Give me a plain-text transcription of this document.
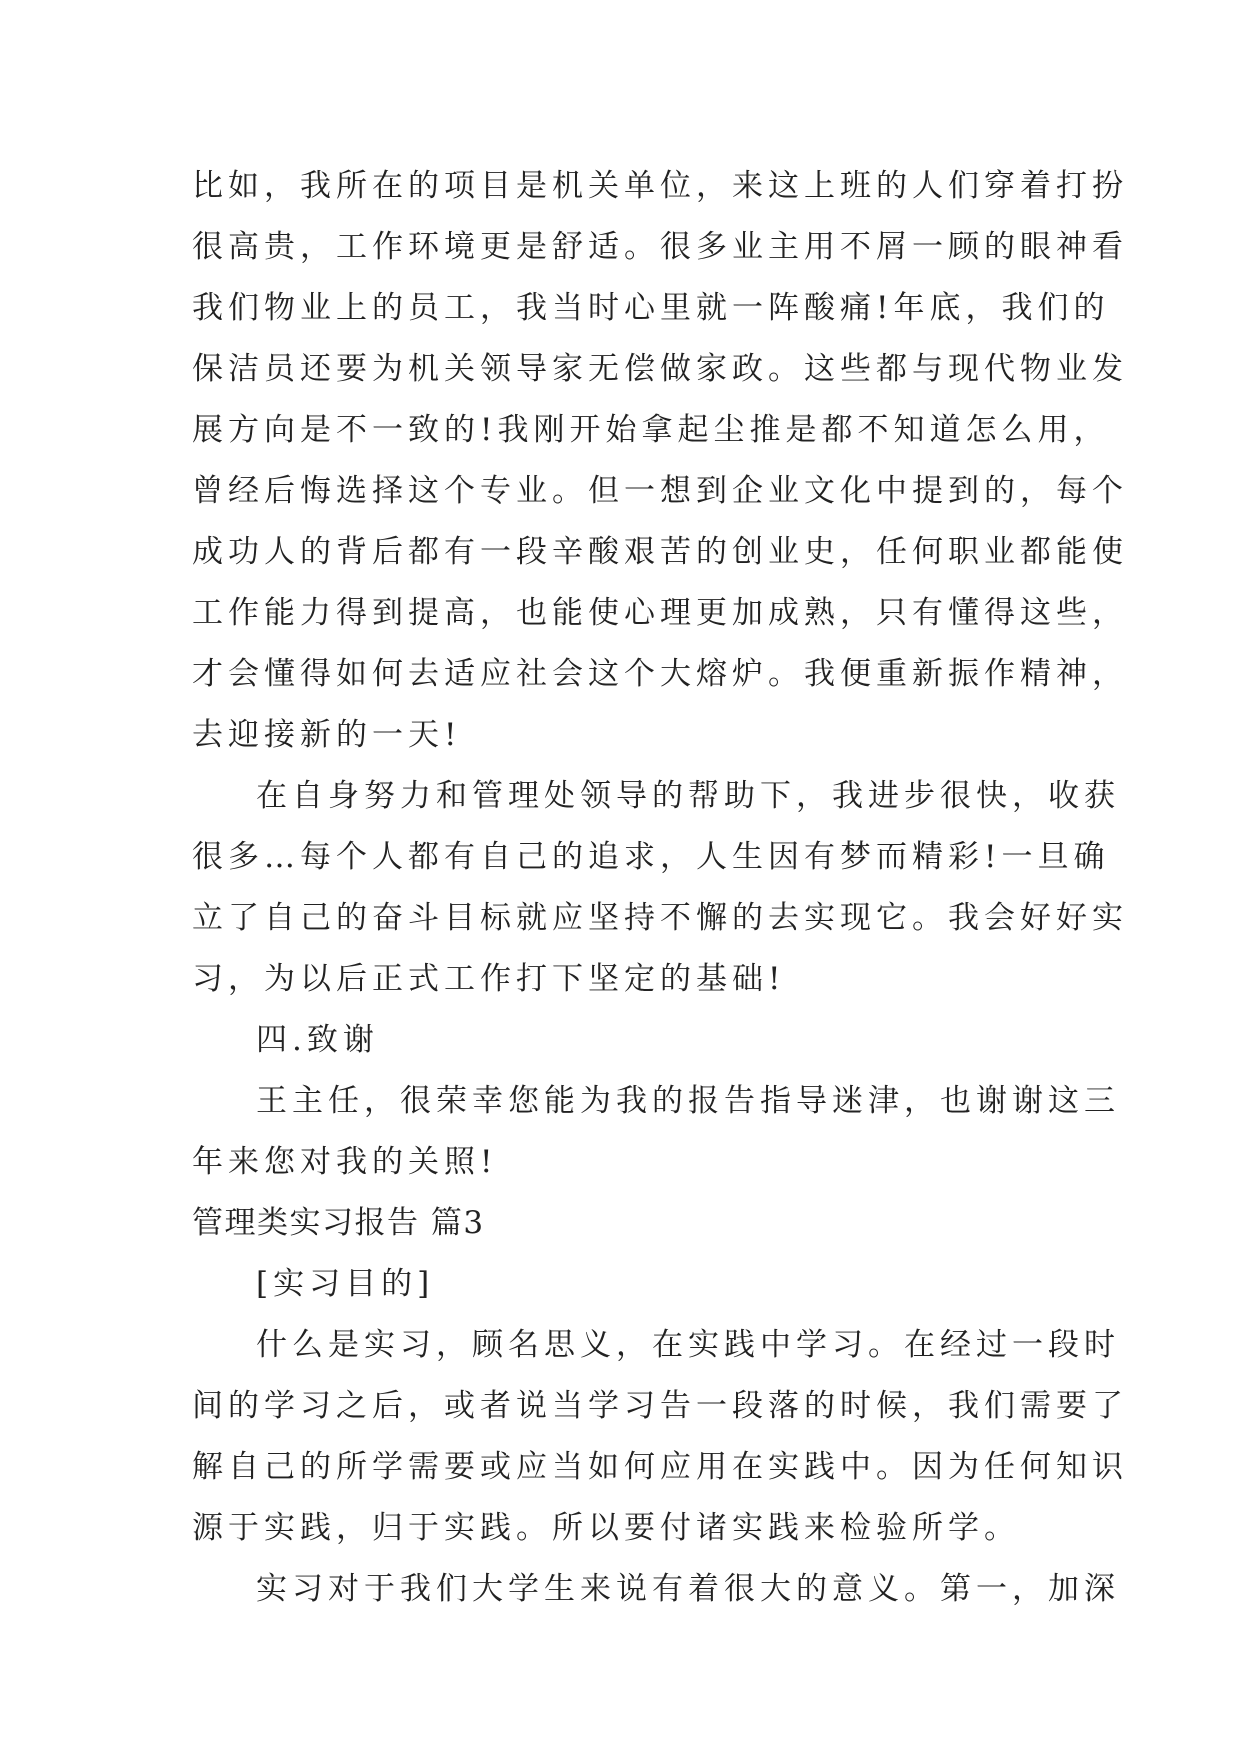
比如，我所在的项目是机关单位，来这上班的人们穿着打扮
很高贵，工作环境更是舒适。很多业主用不屑一顾的眼神看
我们物业上的员工，我当时心里就一阵酸痛!年底，我们的
保洁员还要为机关领导家无偿做家政。这些都与现代物业发
展方向是不一致的!我刚开始拿起尘推是都不知道怎么用，
曾经后悔选择这个专业。但一想到企业文化中提到的，每个
成功人的背后都有一段辛酸艰苦的创业史，任何职业都能使
工作能力得到提高，也能使心理更加成熟，只有懂得这些，
才会懂得如何去适应社会这个大熔炉。我便重新振作精神，
去迎接新的一天!
在自身努力和管理处领导的帮助下，我进步很快，收获
很多…每个人都有自己的追求，人生因有梦而精彩!一旦确
立了自己的奋斗目标就应坚持不懈的去实现它。我会好好实
习，为以后正式工作打下坚定的基础!
四.致谢
王主任，很荣幸您能为我的报告指导迷津，也谢谢这三
年来您对我的关照!
管理类实习报告 篇3
[实习目的]
什么是实习，顾名思义，在实践中学习。在经过一段时
间的学习之后，或者说当学习告一段落的时候，我们需要了
解自己的所学需要或应当如何应用在实践中。因为任何知识
源于实践，归于实践。所以要付诸实践来检验所学。
实习对于我们大学生来说有着很大的意义。第一，加深
